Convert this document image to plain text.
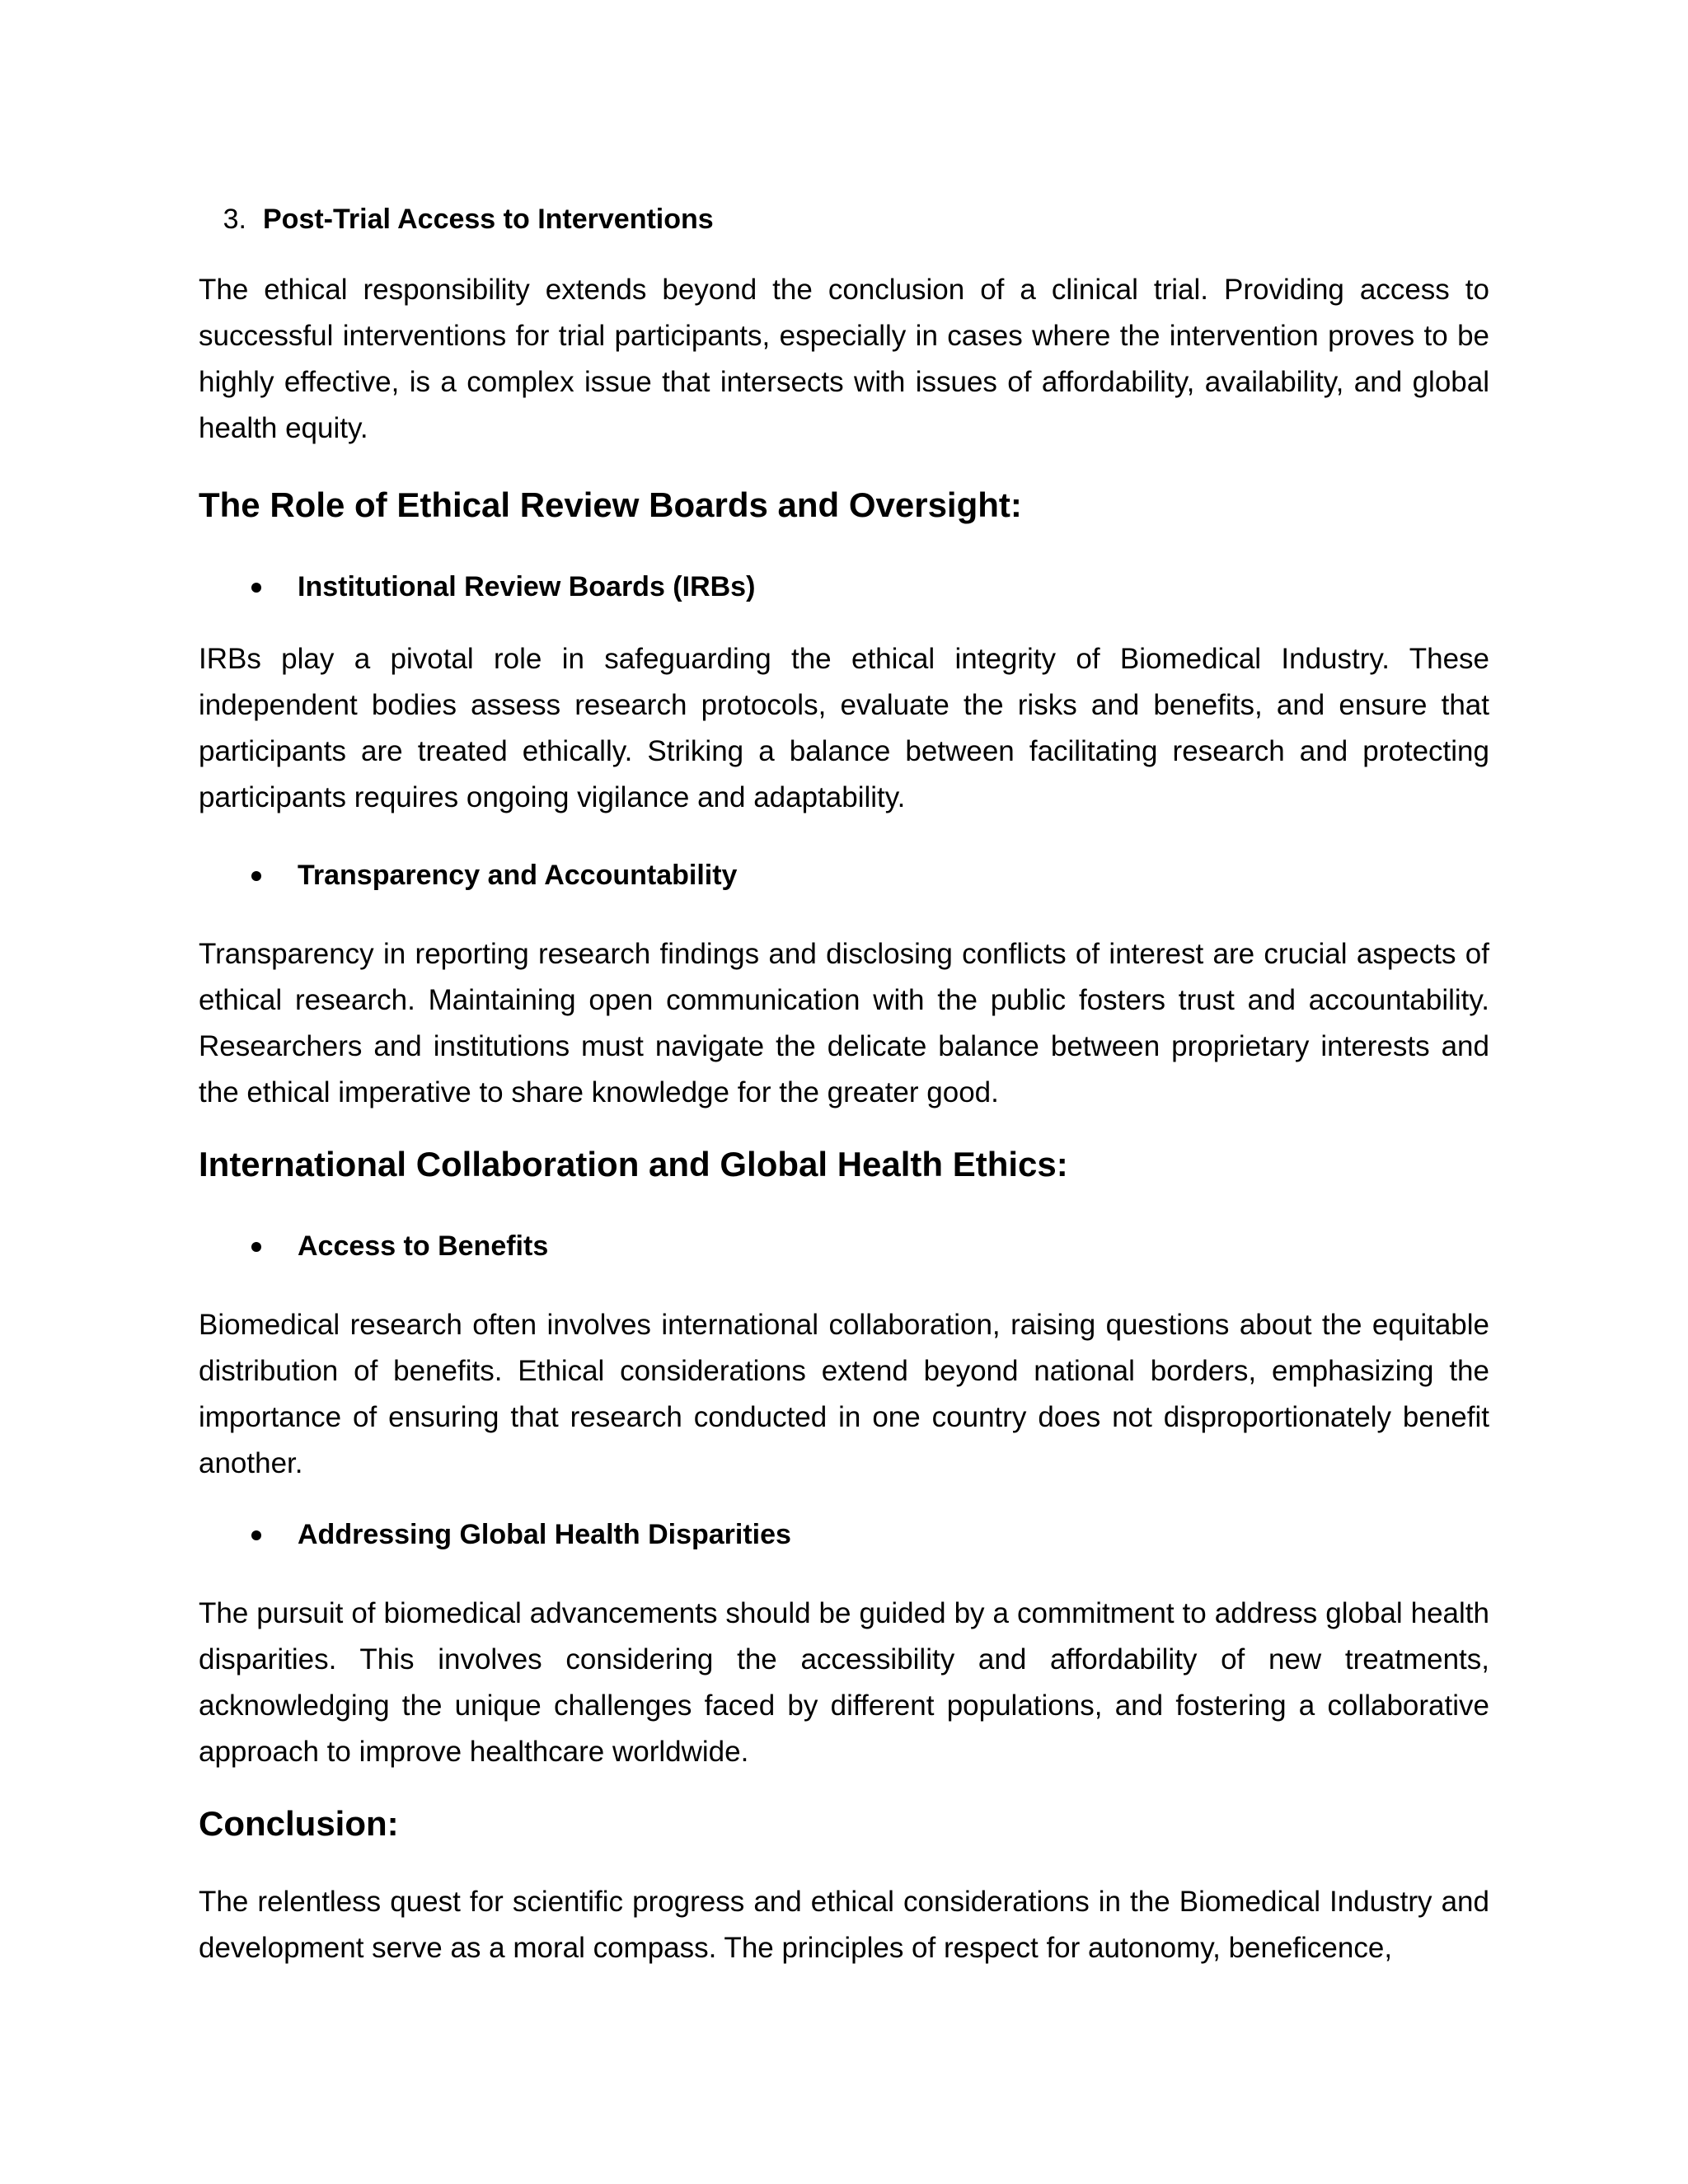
3. Post-Trial Access to Interventions

The ethical responsibility extends beyond the conclusion of a clinical trial. Providing access to successful interventions for trial participants, especially in cases where the intervention proves to be highly effective, is a complex issue that intersects with issues of affordability, availability, and global health equity.

The Role of Ethical Review Boards and Oversight:
Institutional Review Boards (IRBs)

IRBs play a pivotal role in safeguarding the ethical integrity of Biomedical Industry. These independent bodies assess research protocols, evaluate the risks and benefits, and ensure that participants are treated ethically. Striking a balance between facilitating research and protecting participants requires ongoing vigilance and adaptability.

Transparency and Accountability

Transparency in reporting research findings and disclosing conflicts of interest are crucial aspects of ethical research. Maintaining open communication with the public fosters trust and accountability. Researchers and institutions must navigate the delicate balance between proprietary interests and the ethical imperative to share knowledge for the greater good.

International Collaboration and Global Health Ethics:
Access to Benefits

Biomedical research often involves international collaboration, raising questions about the equitable distribution of benefits. Ethical considerations extend beyond national borders, emphasizing the importance of ensuring that research conducted in one country does not disproportionately benefit another.

Addressing Global Health Disparities

The pursuit of biomedical advancements should be guided by a commitment to address global health disparities. This involves considering the accessibility and affordability of new treatments, acknowledging the unique challenges faced by different populations, and fostering a collaborative approach to improve healthcare worldwide.

Conclusion:

The relentless quest for scientific progress and ethical considerations in the Biomedical Industry and development serve as a moral compass. The principles of respect for autonomy, beneficence,
